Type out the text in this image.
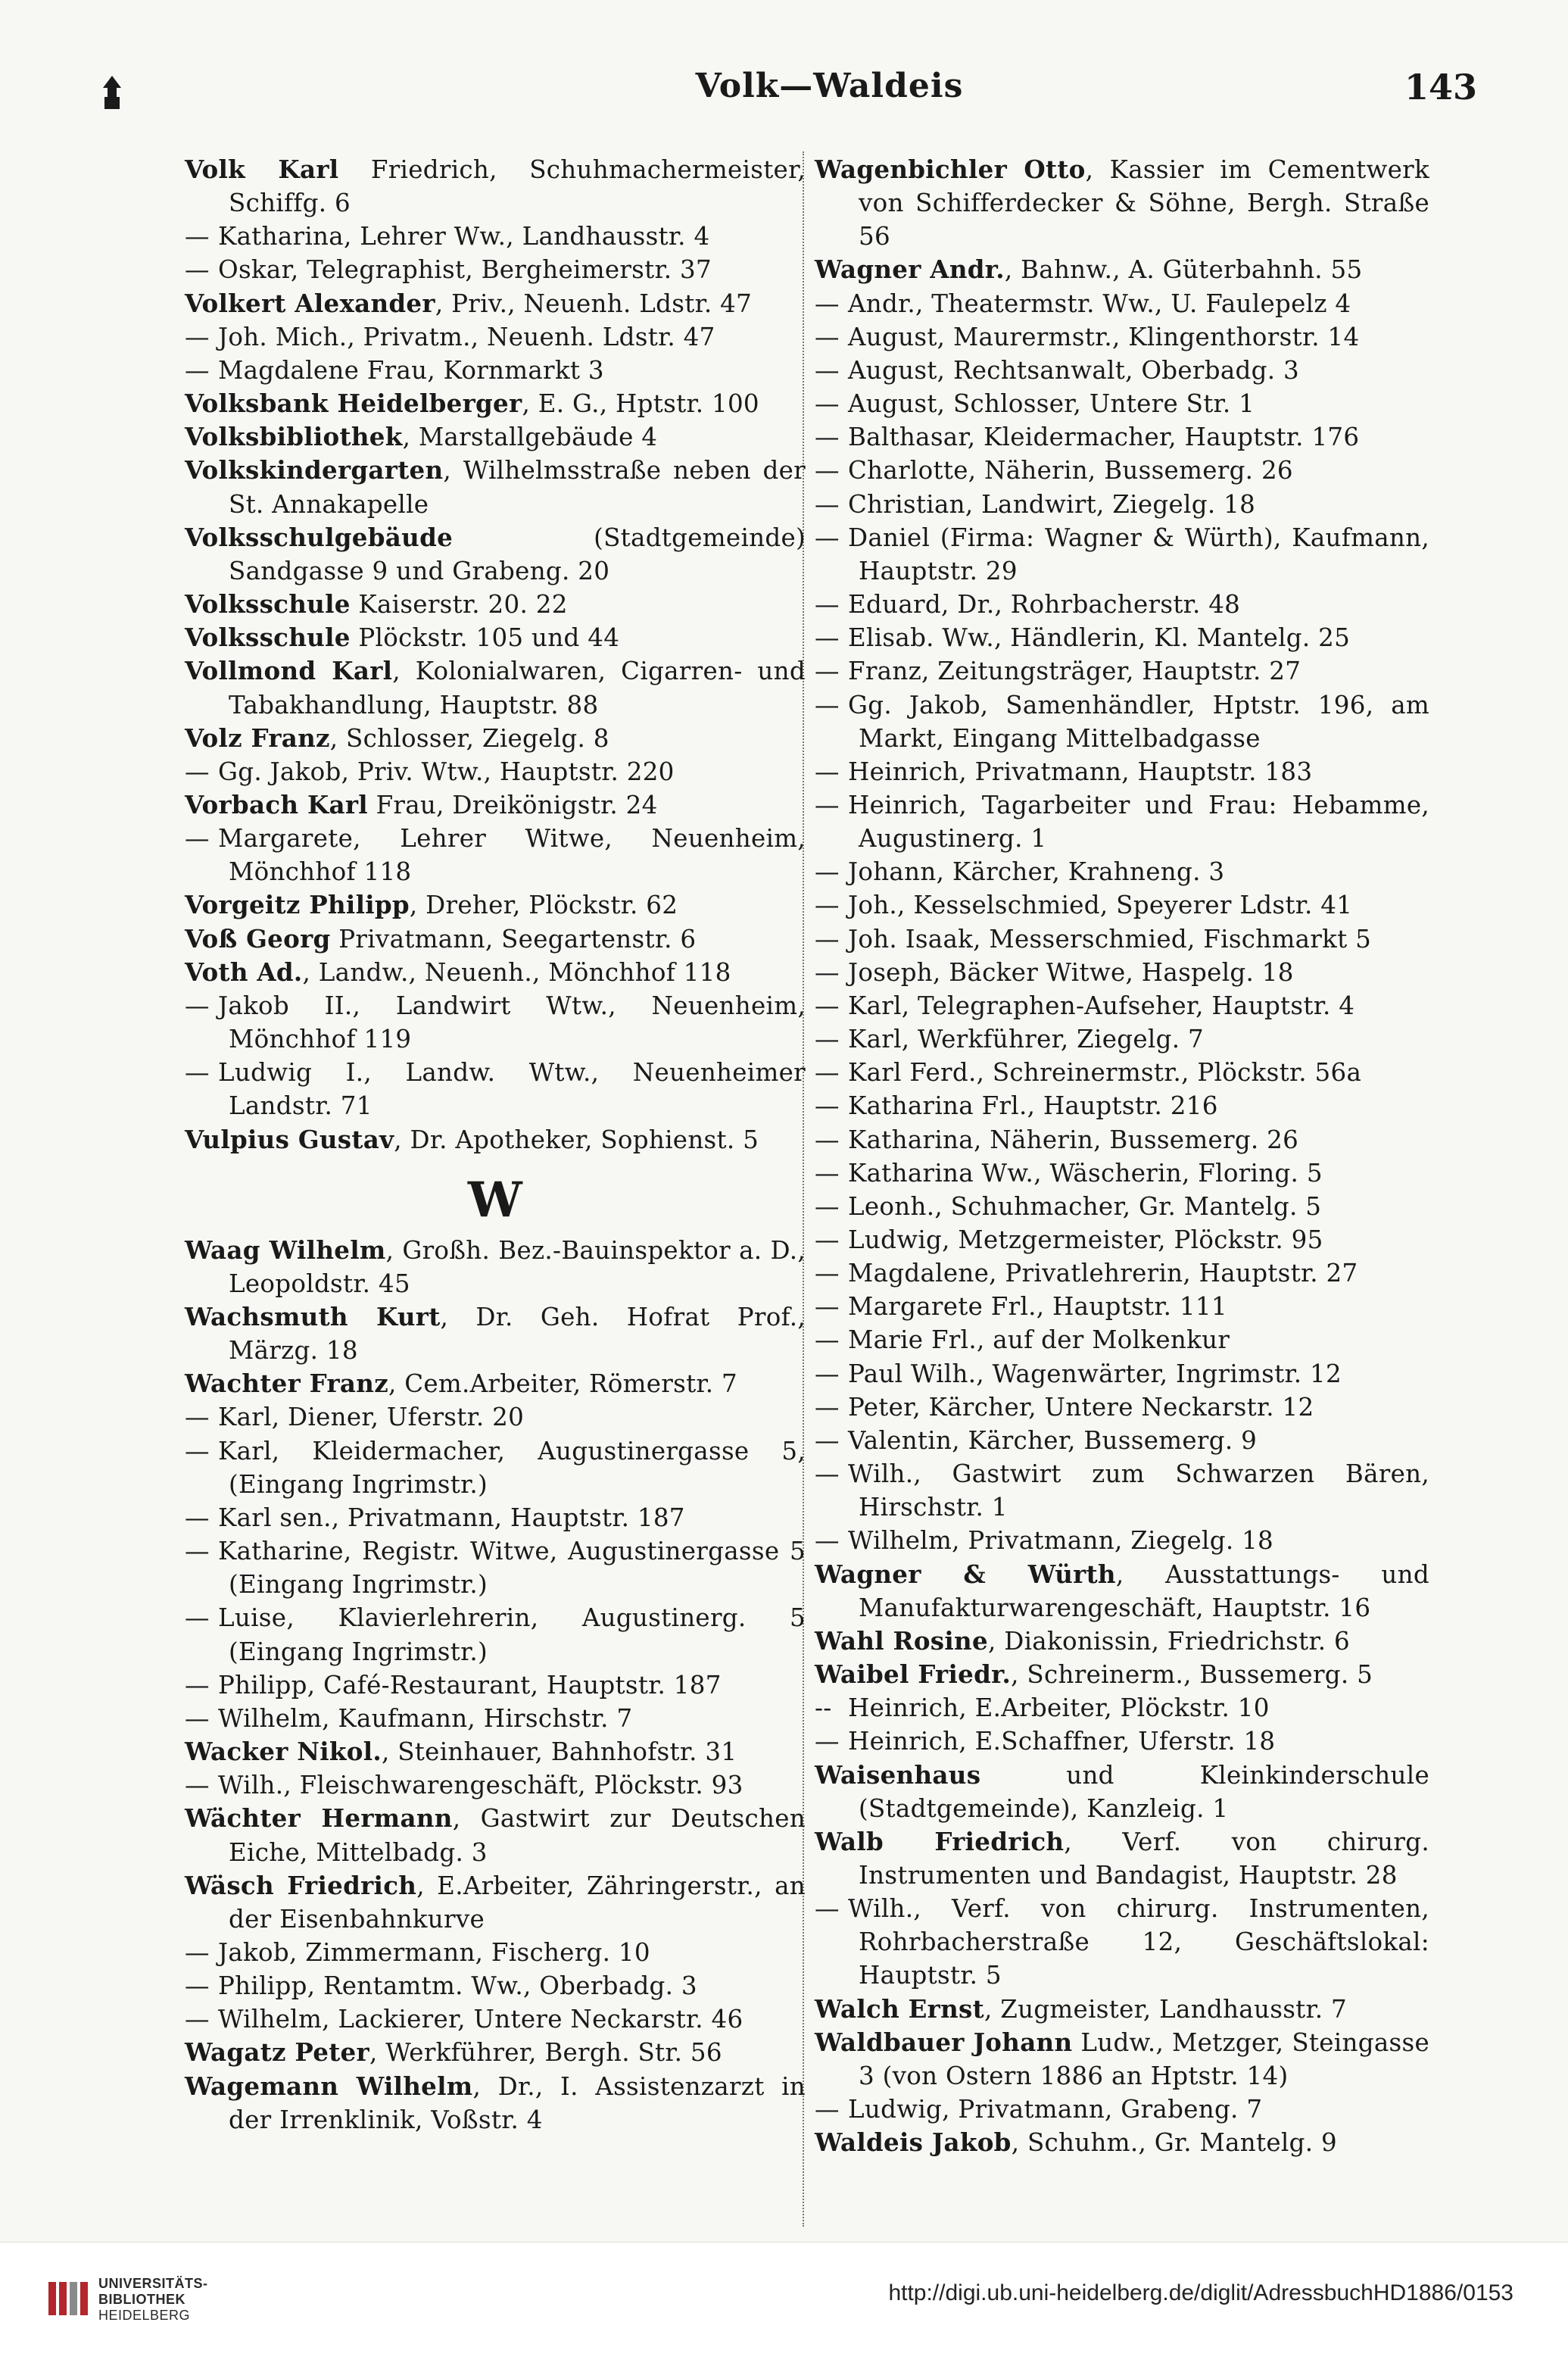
Volk—Waldeis	143
Volk Karl Friedrich, Schuhmachermeister, Schiffg. 6
— Katharina, Lehrer Ww., Landhausstr. 4
— Oskar, Telegraphist, Bergheimerstr. 37
Volkert Alexander, Priv., Neuenh. Ldstr. 47
— Joh. Mich., Privatm., Neuenh. Ldstr. 47
— Magdalene Frau, Kornmarkt 3
Volksbank Heidelberger, E. G., Hptstr. 100
Volksbibliothek, Marstallgebäude 4
Volkskindergarten, Wilhelmsstraße neben der St. Annakapelle
Volksschulgebäude (Stadtgemeinde) Sandgasse 9 und Grabeng. 20
Volksschule Kaiserstr. 20. 22
Volksschule Plöckstr. 105 und 44
Vollmond Karl, Kolonialwaren, Cigarren- und Tabakhandlung, Hauptstr. 88
Volz Franz, Schlosser, Ziegelg. 8
— Gg. Jakob, Priv. Wtw., Hauptstr. 220
Vorbach Karl Frau, Dreikönigstr. 24
— Margarete, Lehrer Witwe, Neuenheim, Mönchhof 118
Vorgeitz Philipp, Dreher, Plöckstr. 62
Voß Georg Privatmann, Seegartenstr. 6
Voth Ad., Landw., Neuenh., Mönchhof 118
— Jakob II., Landwirt Wtw., Neuenheim, Mönchhof 119
— Ludwig I., Landw. Wtw., Neuenheimer Landstr. 71
Vulpius Gustav, Dr. Apotheker, Sophienst. 5
W
Waag Wilhelm, Großh. Bez.-Bauinspektor a. D., Leopoldstr. 45
Wachsmuth Kurt, Dr. Geh. Hofrat Prof., Märzg. 18
Wachter Franz, Cem.Arbeiter, Römerstr. 7
— Karl, Diener, Uferstr. 20
— Karl, Kleidermacher, Augustinergasse 5, (Eingang Ingrimstr.)
— Karl sen., Privatmann, Hauptstr. 187
— Katharine, Registr. Witwe, Augustinergasse 5 (Eingang Ingrimstr.)
— Luise, Klavierlehrerin, Augustinerg. 5 (Eingang Ingrimstr.)
— Philipp, Café-Restaurant, Hauptstr. 187
— Wilhelm, Kaufmann, Hirschstr. 7
Wacker Nikol., Steinhauer, Bahnhofstr. 31
— Wilh., Fleischwarengeschäft, Plöckstr. 93
Wächter Hermann, Gastwirt zur Deutschen Eiche, Mittelbadg. 3
Wäsch Friedrich, E.Arbeiter, Zähringerstr., an der Eisenbahnkurve
— Jakob, Zimmermann, Fischerg. 10
— Philipp, Rentamtm. Ww., Oberbadg. 3
— Wilhelm, Lackierer, Untere Neckarstr. 46
Wagatz Peter, Werkführer, Bergh. Str. 56
Wagemann Wilhelm, Dr., I. Assistenzarzt in der Irrenklinik, Voßstr. 4
Wagenbichler Otto, Kassier im Cementwerk von Schifferdecker & Söhne, Bergh. Straße 56
Wagner Andr., Bahnw., A. Güterbahnh. 55
— Andr., Theatermstr. Ww., U. Faulepelz 4
— August, Maurermstr., Klingenthorstr. 14
— August, Rechtsanwalt, Oberbadg. 3
— August, Schlosser, Untere Str. 1
— Balthasar, Kleidermacher, Hauptstr. 176
— Charlotte, Näherin, Bussemerg. 26
— Christian, Landwirt, Ziegelg. 18
— Daniel (Firma: Wagner & Würth), Kaufmann, Hauptstr. 29
— Eduard, Dr., Rohrbacherstr. 48
— Elisab. Ww., Händlerin, Kl. Mantelg. 25
— Franz, Zeitungsträger, Hauptstr. 27
— Gg. Jakob, Samenhändler, Hptstr. 196, am Markt, Eingang Mittelbadgasse
— Heinrich, Privatmann, Hauptstr. 183
— Heinrich, Tagarbeiter und Frau: Hebamme, Augustinerg. 1
— Johann, Kärcher, Krahneng. 3
— Joh., Kesselschmied, Speyerer Ldstr. 41
— Joh. Isaak, Messerschmied, Fischmarkt 5
— Joseph, Bäcker Witwe, Haspelg. 18
— Karl, Telegraphen-Aufseher, Hauptstr. 4
— Karl, Werkführer, Ziegelg. 7
— Karl Ferd., Schreinermstr., Plöckstr. 56a
— Katharina Frl., Hauptstr. 216
— Katharina, Näherin, Bussemerg. 26
— Katharina Ww., Wäscherin, Floring. 5
— Leonh., Schuhmacher, Gr. Mantelg. 5
— Ludwig, Metzgermeister, Plöckstr. 95
— Magdalene, Privatlehrerin, Hauptstr. 27
— Margarete Frl., Hauptstr. 111
— Marie Frl., auf der Molkenkur
— Paul Wilh., Wagenwärter, Ingrimstr. 12
— Peter, Kärcher, Untere Neckarstr. 12
— Valentin, Kärcher, Bussemerg. 9
— Wilh., Gastwirt zum Schwarzen Bären, Hirschstr. 1
— Wilhelm, Privatmann, Ziegelg. 18
Wagner & Würth, Ausstattungs- und Manufakturwarengeschäft, Hauptstr. 16
Wahl Rosine, Diakonissin, Friedrichstr. 6
Waibel Friedr., Schreinerm., Bussemerg. 5
-- Heinrich, E.Arbeiter, Plöckstr. 10
— Heinrich, E.Schaffner, Uferstr. 18
Waisenhaus und Kleinkinderschule (Stadtgemeinde), Kanzleig. 1
Walb Friedrich, Verf. von chirurg. Instrumenten und Bandagist, Hauptstr. 28
— Wilh., Verf. von chirurg. Instrumenten, Rohrbacherstraße 12, Geschäftslokal: Hauptstr. 5
Walch Ernst, Zugmeister, Landhausstr. 7
Waldbauer Johann Ludw., Metzger, Steingasse 3 (von Ostern 1886 an Hptstr. 14)
— Ludwig, Privatmann, Grabeng. 7
Waldeis Jakob, Schuhm., Gr. Mantelg. 9
UNIVERSITÄTS-
BIBLIOTHEK
HEIDELBERG
http://digi.ub.uni-heidelberg.de/diglit/AdressbuchHD1886/0153
